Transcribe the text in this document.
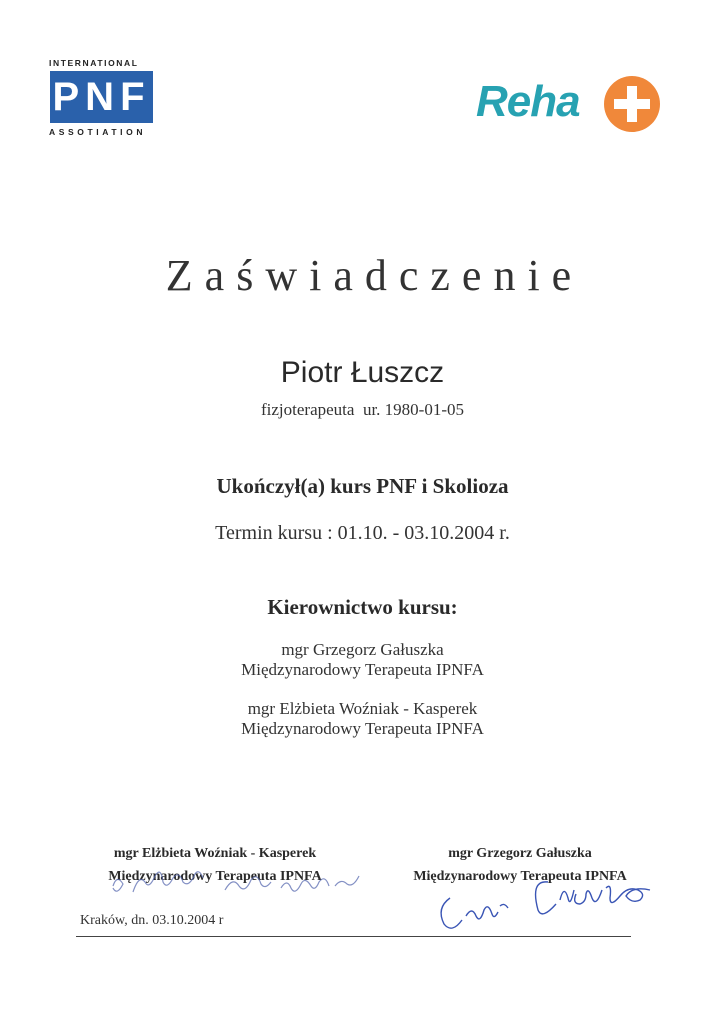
INTERNATIONAL
PNF
ASSOTIATION
Reha
Zaświadczenie
Piotr Łuszcz
fizjoterapeuta  ur. 1980-01-05
Ukończył(a) kurs PNF i Skolioza
Termin kursu : 01.10. - 03.10.2004 r.
Kierownictwo kursu:
mgr Grzegorz Gałuszka
Międzynarodowy Terapeuta IPNFA
mgr Elżbieta Woźniak - Kasperek
Międzynarodowy Terapeuta IPNFA
mgr Elżbieta Woźniak - Kasperek
Międzynarodowy Terapeuta IPNFA
mgr Grzegorz Gałuszka
Międzynarodowy Terapeuta IPNFA
Kraków, dn. 03.10.2004 r
